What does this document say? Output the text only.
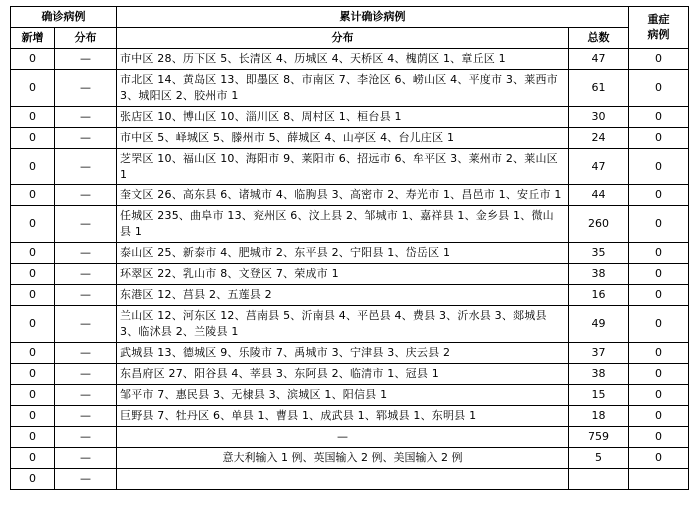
确诊病例		累计确诊病例		重症
病例

新增	分布	分布	总数	
0	—	市中区 28、历下区 5、长清区 4、历城区 4、天桥区 4、槐荫区 1、章丘区 1	47	0
0	—	市北区 14、黄岛区 13、即墨区 8、市南区 7、李沧区 6、崂山区 4、平度市 3、莱西市 3、城阳区 2、胶州市 1	61	0
0	—	张店区 10、博山区 10、淄川区 8、周村区 1、桓台县 1	30	0
0	—	市中区 5、峄城区 5、滕州市 5、薛城区 4、山亭区 4、台儿庄区 1	24	0
0	—	芝罘区 10、福山区 10、海阳市 9、莱阳市 6、招远市 6、牟平区 3、莱州市 2、莱山区 1	47	0
0	—	奎文区 26、高东县 6、诸城市 4、临朐县 3、高密市 2、寿光市 1、昌邑市 1、安丘市 1	44	0
0	—	任城区 235、曲阜市 13、兖州区 6、汶上县 2、邹城市 1、嘉祥县 1、金乡县 1、微山县 1	260	0
0	—	泰山区 25、新泰市 4、肥城市 2、东平县 2、宁阳县 1、岱岳区 1	35	0
0	—	环翠区 22、乳山市 8、文登区 7、荣成市 1	38	0
0	—	东港区 12、莒县 2、五莲县 2	16	0
0	—	兰山区 12、河东区 12、莒南县 5、沂南县 4、平邑县 4、费县 3、沂水县 3、郯城县 3、临沭县 2、兰陵县 1	49	0
0	—	武城县 13、德城区 9、乐陵市 7、禹城市 3、宁津县 3、庆云县 2	37	0
0	—	东昌府区 27、阳谷县 4、莘县 3、东阿县 2、临清市 1、冠县 1	38	0
0	—	邹平市 7、惠民县 3、无棣县 3、滨城区 1、阳信县 1	15	0
0	—	巨野县 7、牡丹区 6、单县 1、曹县 1、成武县 1、郓城县 1、东明县 1	18	0
0	—	—	759	0
0	—	意大利输入 1 例、英国输入 2 例、美国输入 2 例	5	0
0	—			
